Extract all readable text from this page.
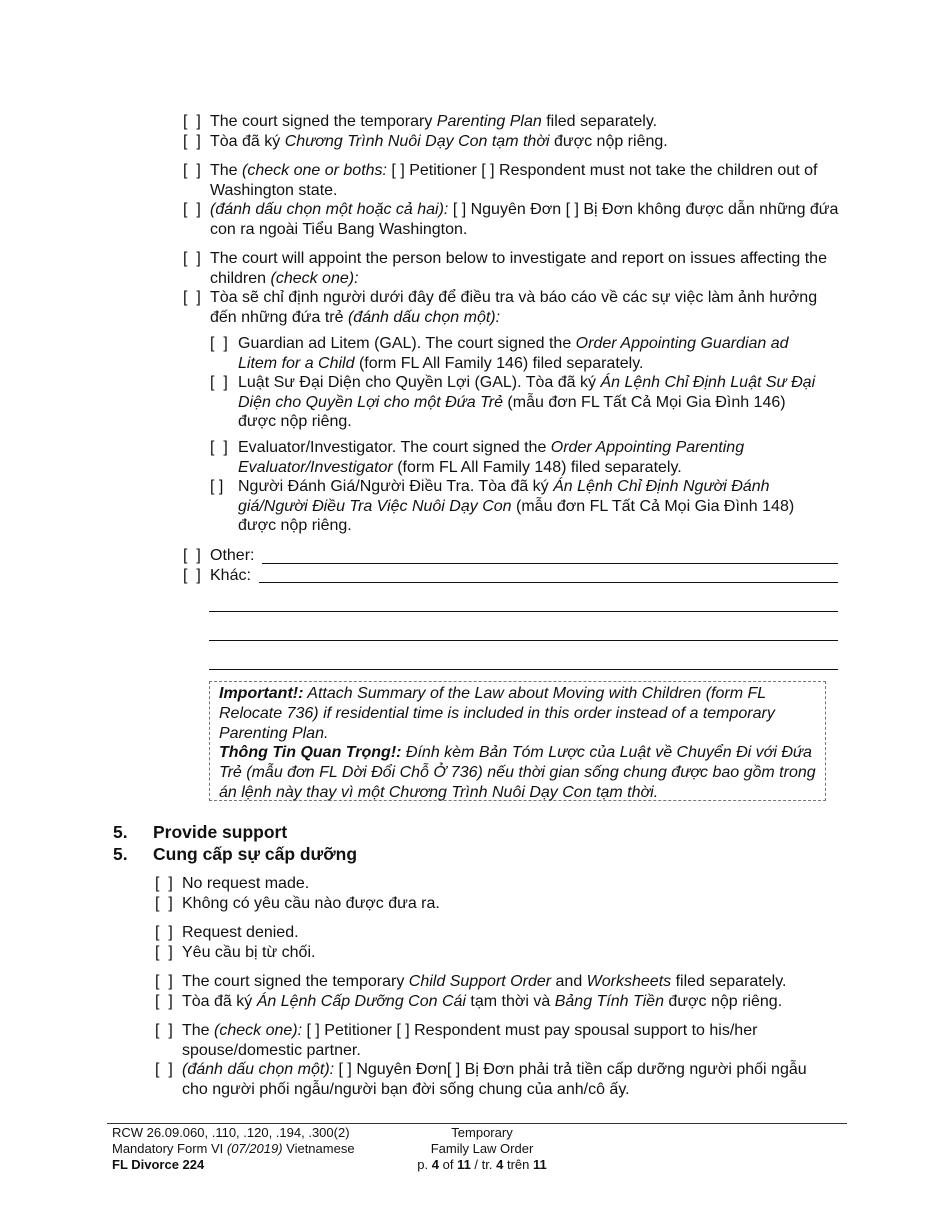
[  ] The court signed the temporary Parenting Plan filed separately.
[  ] Tòa đã ký Chương Trình Nuôi Dạy Con tạm thời được nộp riêng.
[  ] The (check one or boths: [ ] Petitioner [ ] Respondent must not take the children out of Washington state.
[  ] (đánh dấu chọn một hoặc cả hai): [ ] Nguyên Đơn [ ] Bị Đơn không được dẫn những đứa con ra ngoài Tiểu Bang Washington.
[  ] The court will appoint the person below to investigate and report on issues affecting the children (check one):
[  ] Tòa sẽ chỉ định người dưới đây để điều tra và báo cáo về các sự việc làm ảnh hưởng đến những đứa trẻ (đánh dấu chọn một):
[  ] Guardian ad Litem (GAL). The court signed the Order Appointing Guardian ad Litem for a Child (form FL All Family 146) filed separately.
[  ] Luật Sư Đại Diện cho Quyền Lợi (GAL). Tòa đã ký Án Lệnh Chỉ Định Luật Sư Đại Diện cho Quyền Lợi cho một Đứa Trẻ (mẫu đơn FL Tất Cả Mọi Gia Đình 146) được nộp riêng.
[  ] Evaluator/Investigator. The court signed the Order Appointing Parenting Evaluator/Investigator (form FL All Family 148) filed separately.
[ ] Người Đánh Giá/Người Điều Tra. Tòa đã ký Án Lệnh Chỉ Định Người Đánh giá/Người Điều Tra Việc Nuôi Dạy Con (mẫu đơn FL Tất Cả Mọi Gia Đình 148) được nộp riêng.
[  ] Other:
[  ] Khác:
Important!: Attach Summary of the Law about Moving with Children (form FL Relocate 736) if residential time is included in this order instead of a temporary Parenting Plan.
Thông Tin Quan Trọng!: Đính kèm Bản Tóm Lược của Luật về Chuyển Đi với Đứa Trẻ (mẫu đơn FL Dời Đổi Chỗ Ở 736) nếu thời gian sống chung được bao gồm trong án lệnh này thay vì một Chương Trình Nuôi Dạy Con tạm thời.
5.	Provide support
5.	Cung cấp sự cấp dưỡng
[  ] No request made.
[  ] Không có yêu cầu nào được đưa ra.
[  ] Request denied.
[  ] Yêu cầu bị từ chối.
[  ] The court signed the temporary Child Support Order and Worksheets filed separately.
[  ] Tòa đã ký Án Lệnh Cấp Dưỡng Con Cái tạm thời và Bảng Tính Tiền được nộp riêng.
[  ] The (check one): [ ] Petitioner [ ] Respondent must pay spousal support to his/her spouse/domestic partner.
[  ] (đánh dấu chọn một): [ ] Nguyên Đơn[ ] Bị Đơn phải trả tiền cấp dưỡng người phối ngẫu cho người phối ngẫu/người bạn đời sống chung của anh/cô ấy.
RCW 26.09.060, .110, .120, .194, .300(2)
Mandatory Form VI (07/2019) Vietnamese
FL Divorce 224
Temporary
Family Law Order
p. 4 of 11 / tr. 4 trên 11
